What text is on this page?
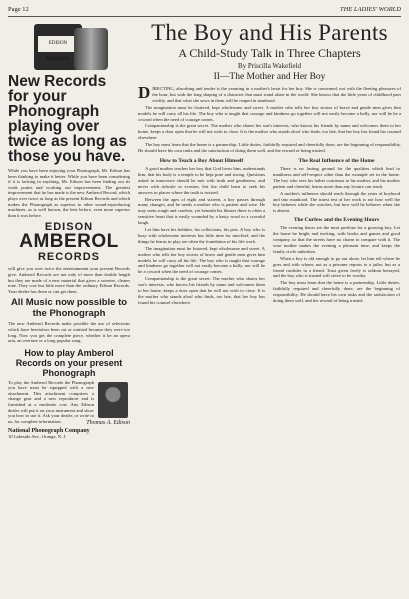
Page 12	THE LADIES' WORLD
EDISON AMBEROL
New Records for your Phonograph playing over twice as long as those you have.

While you have been enjoying your Phonograph, Mr. Edison has been thinking to make it better. While you have been considering if it is lacking in anything, Mr. Edison has been finding out its weak points and working out improvements. The greatest improvement that he has made is the new Amberol Record, which plays over twice as long as the present Edison Records and which makes the Phonograph as superior to other sound-reproducing machines, as is well known, the best before, even more superior than it was before.

EDISON
AMBEROL
RECORDS

will give you over twice the entertainment your present Records give. Amberol Records are not only of more than double length but they are made of a new material that gives a sweeter, clearer tone. They cost but little more than the ordinary Edison Records. Your dealer has them or can get them.

All Music now possible to the Phonograph

The new Amberol Records make possible the use of selections which have heretofore been cut or omitted because they were too long. Now you get the complete piece, whether it be an opera aria, an overture or a long popular song.

How to play Amberol Records on your present Phonograph

To play the Amberol Records the Phonograph you have must be equipped with a new attachment. This attachment comprises a change gear and a new reproducer and is furnished at a moderate cost. Any Edison dealer will put it on your instrument and show you how to use it. Ask your dealer, or write to us, for complete information.	Thomas A. Edison
National Phonograph Company
10 Lakeside Ave., Orange, N. J.
The Boy and His Parents
A Child-Study Talk in Three Chapters
By Priscilla Wakefield
II—The Mother and Her Boy

DIRECTING, absorbing and tender is the yearning in a mother's heart for her boy. She is concerned, not with the fleeting pleasures of the hour, but with the long shaping of a character that must stand alone in the world. She knows that the little years of childhood pass swiftly, and that what she sows in them will be reaped in manhood.

The imagination must be fostered, kept wholesome and sweet. A mother who tells her boy stories of brave and gentle men gives him models he will carry all his life. The boy who is taught that courage and kindness go together will not easily become a bully, nor will he be a coward when the need of courage comes.

Companionship is the great secret. The mother who shares her son's interests, who knows his friends by name and welcomes them to her home, keeps a door open that he will not wish to close. It is the mother who stands aloof who finds, too late, that her boy has found his counsel elsewhere.

The boy must learn that the home is a partnership. Little duties, faithfully required and cheerfully done, are the beginning of responsibility. He should have his own tasks and the satisfaction of doing them well, and the reward of being trusted.

How to Teach a Boy About Himself

A good mother teaches her boy that God loves him, understands him, that his body is a temple to be kept pure and strong. Questions asked in innocence should be met with truth and gentleness, and never with ridicule or evasion, lest the child learn to seek his answers in places where the truth is twisted.

Between the ages of eight and sixteen, a boy passes through many changes, and he needs a mother who is patient and wise. He may seem rough and careless, yet beneath his bluster there is often a sensitive heart that is easily wounded by a hasty word or a scornful laugh.

Let him have his hobbies, his collections, his pets. A boy who is busy with wholesome interests has little time for mischief, and the things he learns in play are often the foundation of his life work.

The imagination must be fostered, kept wholesome and sweet. A mother who tells her boy stories of brave and gentle men gives him models he will carry all his life. The boy who is taught that courage and kindness go together will not easily become a bully, nor will he be a coward when the need of courage comes.

Companionship is the great secret. The mother who shares her son's interests, who knows his friends by name and welcomes them to her home, keeps a door open that he will not wish to close. It is the mother who stands aloof who finds, too late, that her boy has found his counsel elsewhere.

The Real Influence of the Home

There is no lasting ground for the qualities which lead to manliness and self-respect other than the example set in the home. The boy who sees his father courteous to his mother, and his mother patient and cheerful, learns more than any lecture can teach.

A mother's influence should reach through the years of boyhood and into manhood. The truest test of her work is not how well the boy behaves while she watches, but how well he behaves when she is absent.

The Curfew and the Evening Hours

The evening hours are the most perilous for a growing boy. Let the home be bright and inviting, with books and games and good company, so that the streets have no charm to compare with it. The wise mother makes the evening a pleasant time, and keeps the family circle unbroken.

When a boy is old enough to go out alone, let him tell where he goes and with whom; not as a prisoner reports to a jailer, but as a friend confides in a friend. Trust given freely is seldom betrayed, and the boy who is trusted will strive to be worthy.

The boy must learn that the home is a partnership. Little duties, faithfully required and cheerfully done, are the beginning of responsibility. He should have his own tasks and the satisfaction of doing them well, and the reward of being trusted.
